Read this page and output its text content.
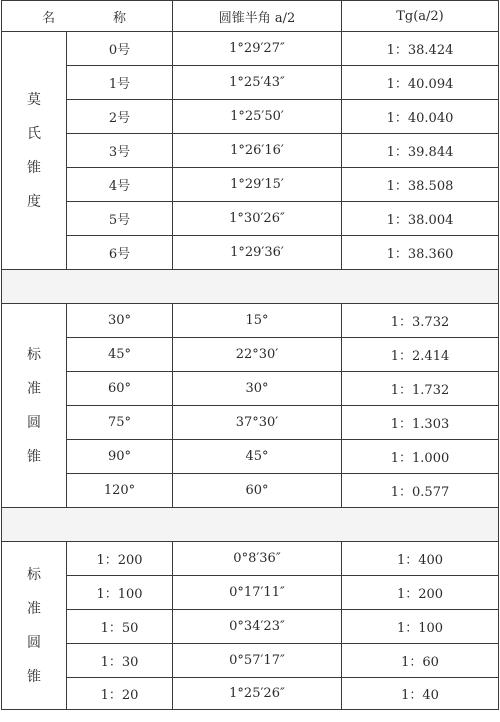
名 称		圆锥半角 a/2	Tg(a/2)

莫
氏
锥
度	0号	1°29′27″	1：38.424
	1号	1°25′43″	1：40.094
	2号	1°25′50′	1：40.040
	3号	1°26′16′	1：39.844
	4号	1°29′15′	1：38.508
	5号	1°30′26″	1：38.004
	6号	1°29′36′	1：38.360

标
准
圆
锥	30°	15°	1：3.732
	45°	22°30′	1：2.414
	60°	30°	1：1.732
	75°	37°30′	1：1.303
	90°	45°	1：1.000
	120°	60°	1：0.577

标
准
圆
锥	1：200	0°8′36″	1：400
	1：100	0°17′11″	1：200
	1：50	0°34′23″	1：100
	1：30	0°57′17″	1：60
	1：20	1°25′26″	1：40
